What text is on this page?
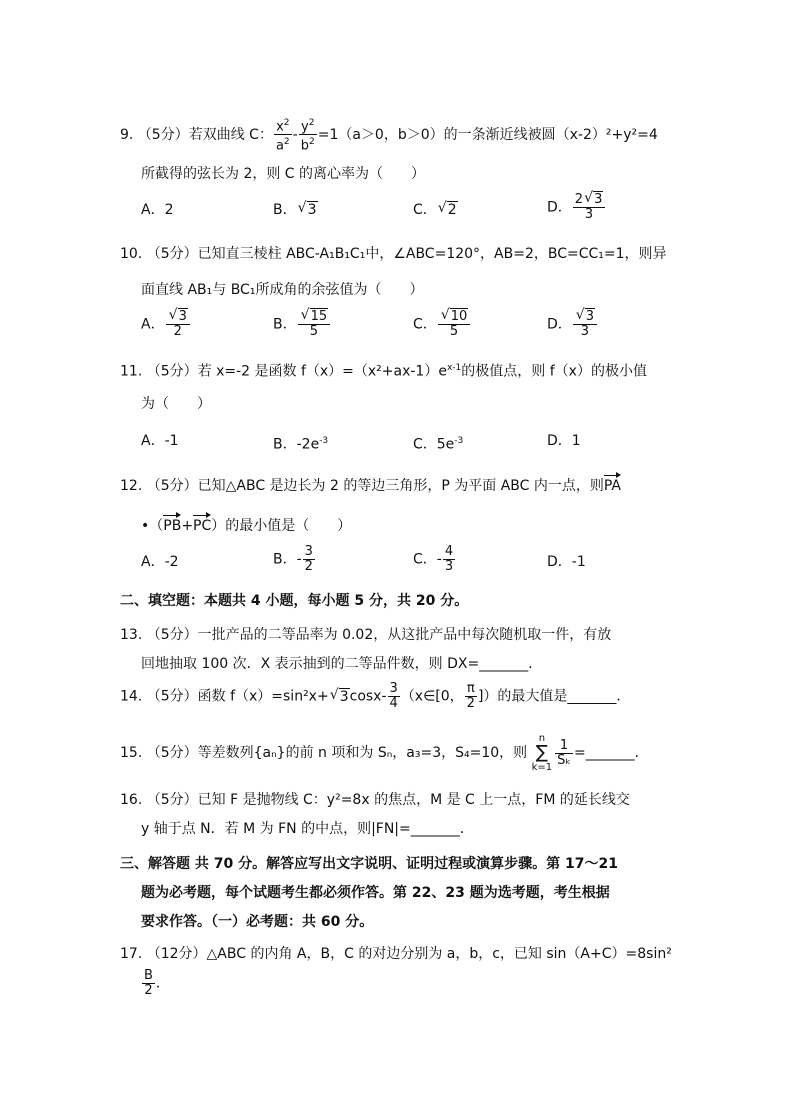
9. （5分）若双曲线 C： $\frac{x^2}{a^2} - \frac{y^2}{b^2} =1(a>0$，b＞0）的一条渐近线被圆（x-2）²+y²=4
所截得的弦长为 2，则 C 的离心率为（　　）
A．2	B． √ 3	C． √ 2	D． $\frac{2 √ 3}{3}$
10. （5分）已知直三棱柱 ABC-A₁B₁C₁中，∠ABC=120°，AB=2，BC=CC₁=1，则异
面直线 AB₁与 BC₁所成角的余弦值为（　　）
A． $\frac{√ 3}{2}$	B． $\frac{√ 15}{5}$	C． $\frac{√ 10}{5}$	D． $\frac{√ 3}{3}$
11. （5分）若 x=-2 是函数 $f(x)=(x^2+ax-1)e^{x-1}$的极值点，则 f（x）的极小值
为（　　）
A．-1	B．$-2e^{-3}$	C．$5e^{-3}$	D．1
12. （5分）已知△ABC 是边长为 2 的等边三角形，P 为平面 ABC 内一点，则PA
•（PB+PC）的最小值是（　　）
A．-2	B．- $\frac{3}{2}$	C．- $\frac{4}{3}$	D．-1
二、填空题：本题共 4 小题，每小题 5 分，共 20 分。
13. （5分）一批产品的二等品率为 0.02，从这批产品中每次随机取一件，有放
回地抽取 100 次．X 表示抽到的二等品件数，则 DX=_______．
14. （5分）函数 f（x）=sin²x+ √ $3\cos x- \frac{3}{4}$ （x∈[0， $\frac{\pi}{2}$ ]）的最大值是_______．
15. （5分）等差数列{aₙ}的前 n 项和为 Sₙ，a₃=3，S₄=10，则 n
∑
$k=1 \frac{1}{\text{Sₖ}}$ =_______．
16. （5分）已知 F 是抛物线 C：y²=8x 的焦点，M 是 C 上一点，FM 的延长线交
y 轴于点 N．若 M 为 FN 的中点，则|FN|=_______．
三、解答题 共 70 分。解答应写出文字说明、证明过程或演算步骤。第 17～21
题为必考题，每个试题考生都必须作答。第 22、23 题为选考题，考生根据
要求作答。（一）必考题：共 60 分。
17. （12分）△ABC 的内角 A，B，C 的对边分别为 a，b，c，已知 sin（A+C）=8sin²
$\frac{B}{2}$ ．
